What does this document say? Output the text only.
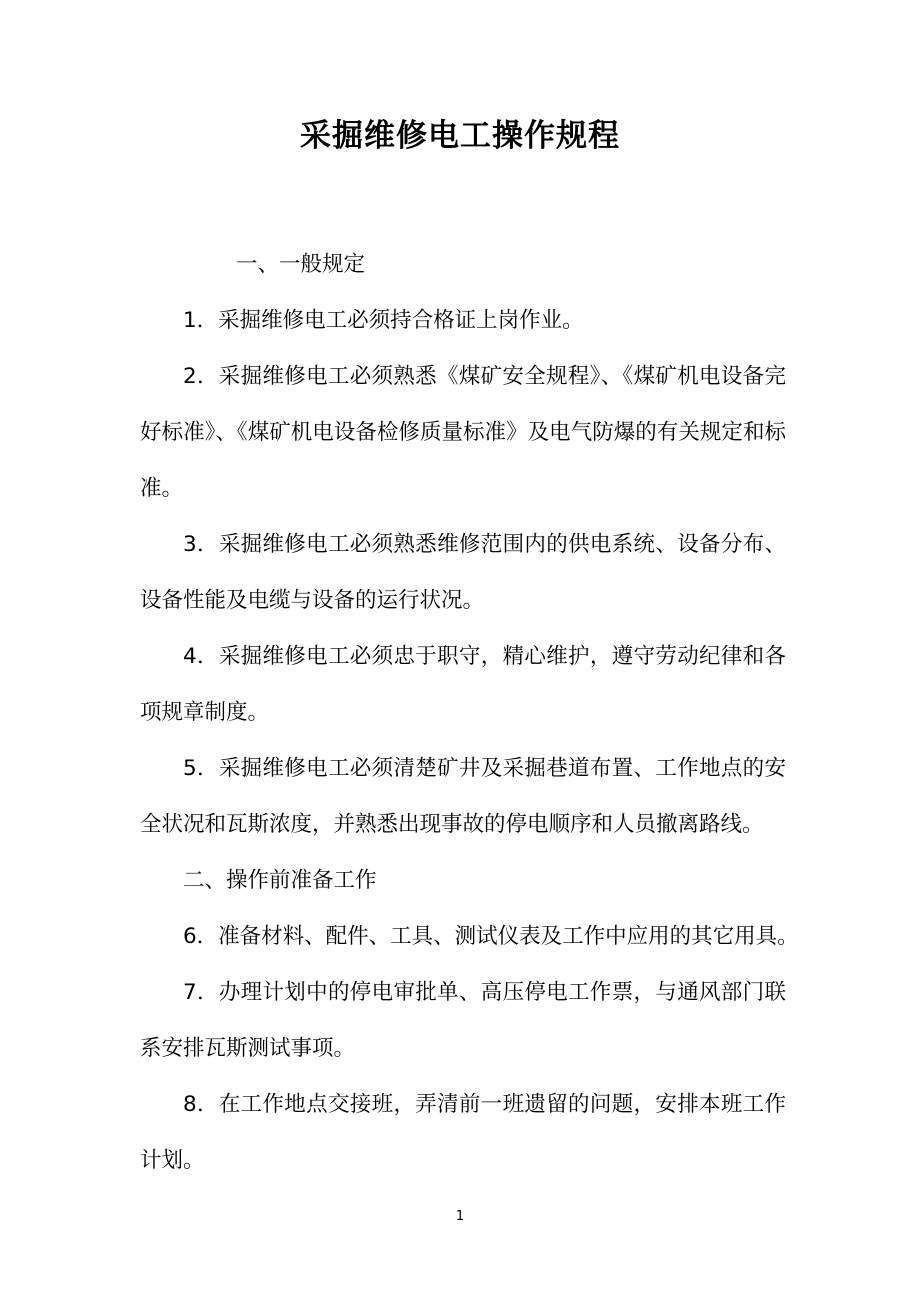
采掘维修电工操作规程
一、一般规定
1．采掘维修电工必须持合格证上岗作业。
2．采掘维修电工必须熟悉《煤矿安全规程》、《煤矿机电设备完
好标准》、《煤矿机电设备检修质量标准》及电气防爆的有关规定和标
准。
3．采掘维修电工必须熟悉维修范围内的供电系统、设备分布、
设备性能及电缆与设备的运行状况。
4．采掘维修电工必须忠于职守，精心维护，遵守劳动纪律和各
项规章制度。
5．采掘维修电工必须清楚矿井及采掘巷道布置、工作地点的安
全状况和瓦斯浓度，并熟悉出现事故的停电顺序和人员撤离路线。
二、操作前准备工作
6．准备材料、配件、工具、测试仪表及工作中应用的其它用具。
7．办理计划中的停电审批单、高压停电工作票，与通风部门联
系安排瓦斯测试事项。
8．在工作地点交接班，弄清前一班遗留的问题，安排本班工作
计划。
1
